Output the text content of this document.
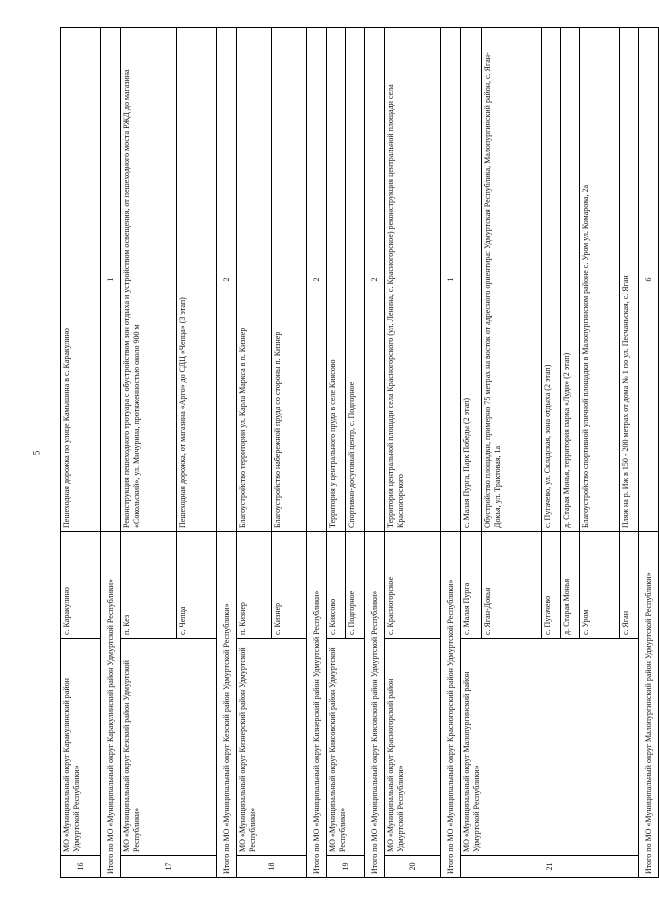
5
16	МО «Муниципальный округ Каракулинский район Удмуртской Республики»	с. Каракулино	Пешеходная дорожка по улице Камышина в с. Каракулино
Итого по МО «Муниципальный округ Каракулинский район Удмуртской Республики»			1
17	МО «Муниципальный округ Кезский район Удмуртской Республики»	п. Кез	Реконструкция пешеходного тротуара с обустройством зон отдыха и устройством освещения, от пешеходного моста РЖД до магазина «Сокольский», ул. Мичурина, протяженностью около 900 м
		с. Чепца	Пешеходная дорожка, от магазина «Арго» до СДЦ «Чепца» (3 этап)
Итого по МО «Муниципальный округ Кезский район Удмуртской Республики»			2
18	МО «Муниципальный округ Кизнерский район Удмуртской Республики»	п. Кизнер	Благоустройство территории ул. Карла Маркса в п. Кизнер
		с. Кизнер	Благоустройство набережной пруда со стороны п. Кизнер
Итого по МО «Муниципальный округ Кизнерский район Удмуртской Республики»			2
19	МО «Муниципальный округ Киясовский район Удмуртской Республики»	с. Киясово	Территория у центрального пруда в селе Киясово
		с. Подгорное	Спортивно-досуговый центр, с. Подгорное
Итого по МО «Муниципальный округ Киясовский район Удмуртской Республики»			2
20	МО «Муниципальный округ Красногорский район Удмуртской Республики»	с. Красногорское	Территория центральной площади села Красногорского (ул. Ленина, с. Красногорское) реконструкция центральной площади села Красногорского
Итого по МО «Муниципальный округ Красногорский район Удмуртской Республики»			1
21	МО «Муниципальный округ Малопургинский район Удмуртской Республики»	с. Малая Пурга	с. Малая Пурга, Парк Победы (2 этап)
		с. Яган-Докья	Обустройство площадки, примерно 75 метрах на восток от адресного ориентира: Удмуртская Республика, Малопургинский район, с. Яган-Докья, ул. Трактовая, 1а
		с. Пугачево	с. Пугачево, ул. Складская, зона отдыха (2 этап)
		д. Старая Монья	д. Старая Монья, территория парка «Луди» (2 этап)
		с. Уром	Благоустройство спортивной уличной площадки в Малопургинском районе с. Уром ул. Комарова, 2а
		с. Яган	Пляж на р. Иж в 150 - 200 метрах от дома № 1 по ул. Песчаньская, с. Яган
Итого по МО «Муниципальный округ Малопургинский район Удмуртской Республики»			6
